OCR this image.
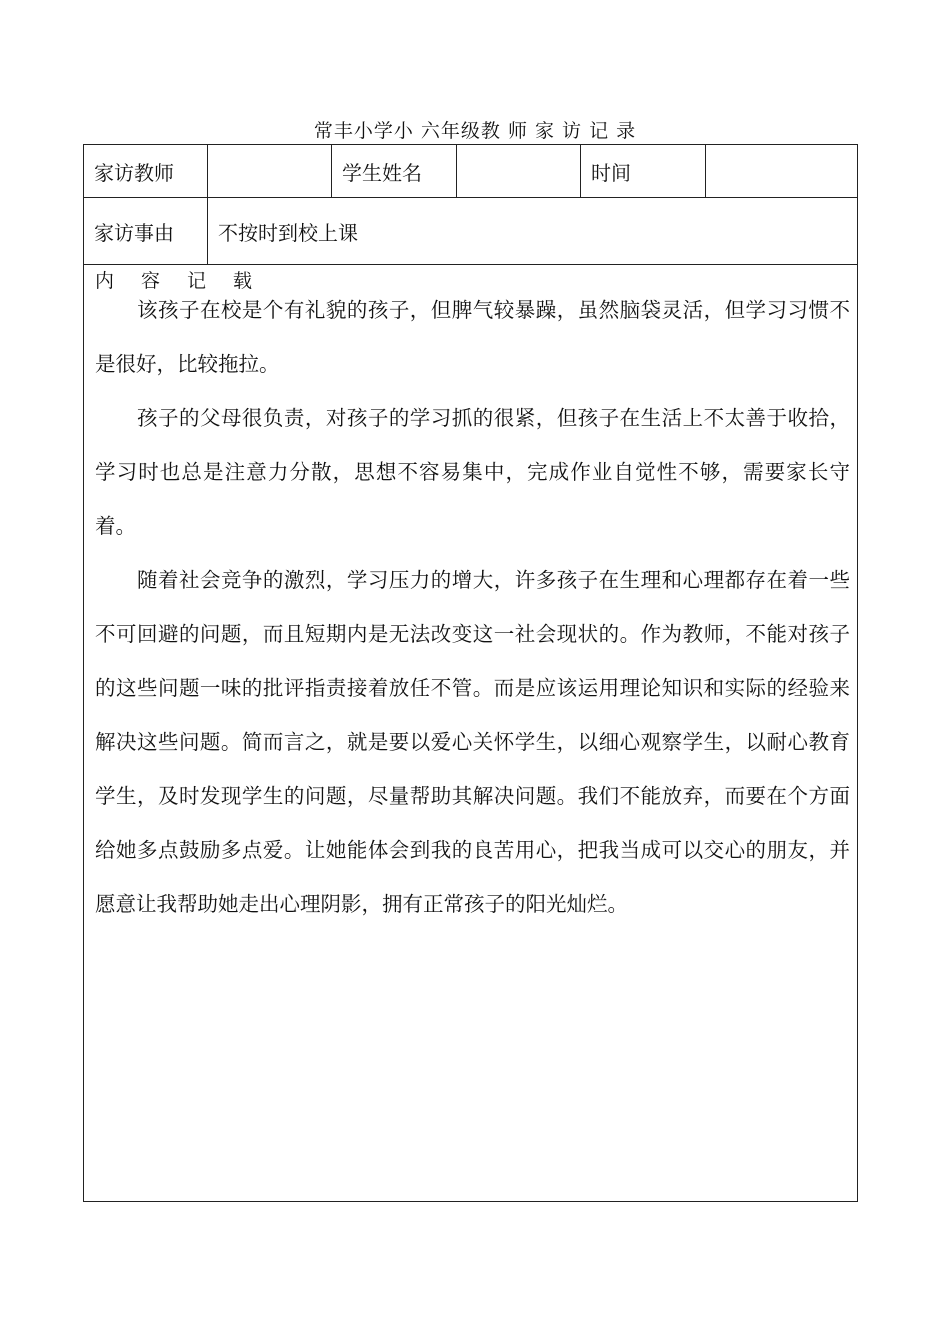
常丰小学小 六年级教 师 家 访 记 录
家访教师	学生姓名	时间
家访事由	不按时到校上课
内容记载

该孩子在校是个有礼貌的孩子，但脾气较暴躁，虽然脑袋灵活，但学习习惯不是很好，比较拖拉。

孩子的父母很负责，对孩子的学习抓的很紧，但孩子在生活上不太善于收拾，学习时也总是注意力分散，思想不容易集中，完成作业自觉性不够，需要家长守着。

随着社会竞争的激烈，学习压力的增大，许多孩子在生理和心理都存在着一些不可回避的问题，而且短期内是无法改变这一社会现状的。作为教师，不能对孩子的这些问题一味的批评指责接着放任不管。而是应该运用理论知识和实际的经验来解决这些问题。简而言之，就是要以爱心关怀学生，以细心观察学生，以耐心教育学生，及时发现学生的问题，尽量帮助其解决问题。我们不能放弃，而要在个方面给她多点鼓励多点爱。让她能体会到我的良苦用心，把我当成可以交心的朋友，并愿意让我帮助她走出心理阴影，拥有正常孩子的阳光灿烂。
